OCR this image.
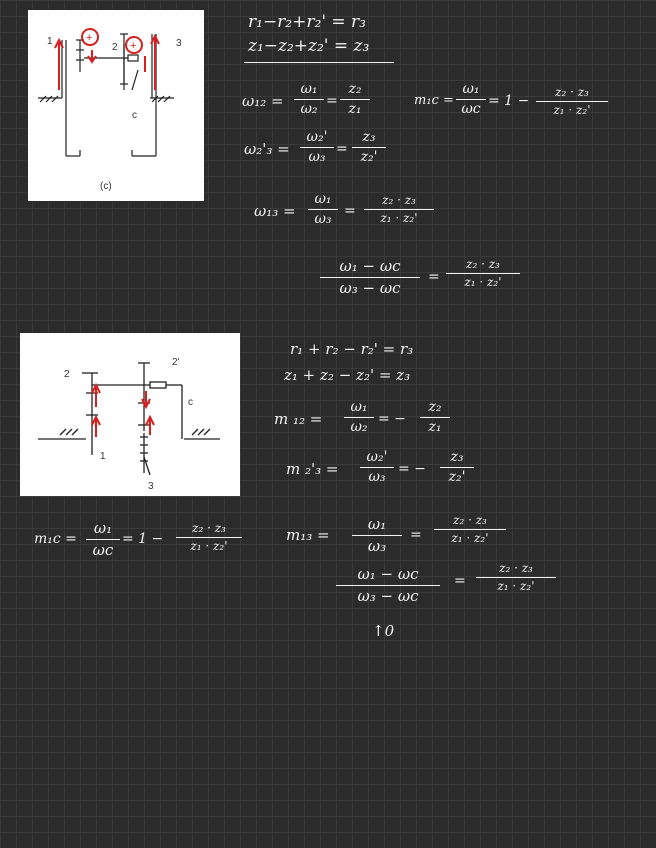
+
+
1
2	3
c
(c)
2
2'
c
1
3
r₁−r₂+r₂' = r₃
z₁−z₂+z₂' = z₃
ω₁₂ =
ω₁
ω₂
=
z₂
z₁
m₁c =
ω₁
ωc
= 1 −
z₂ · z₃
z₁ · z₂'
ω₂'₃ =
ω₂'
ω₃
=
z₃
z₂'
ω₁₃ =
ω₁
ω₃
=
z₂ · z₃
z₁ · z₂'
ω₁ − ωc
ω₃ − ωc
=
z₂ · z₃
z₁ · z₂'
r₁ + r₂ − r₂' = r₃
z₁ + z₂ − z₂' = z₃
m ₁₂ =
ω₁
ω₂
= −
z₂
z₁
m ₂'₃ =
ω₂'
ω₃
= −
z₃
z₂'
m₁₃ =
ω₁
ω₃
=
z₂ · z₃
z₁ · z₂'
ω₁ − ωc
ω₃ − ωc
=
z₂ · z₃
z₁ · z₂'
↑0
m₁c =
ω₁
ωc
= 1 −
z₂ · z₃
z₁ · z₂'
